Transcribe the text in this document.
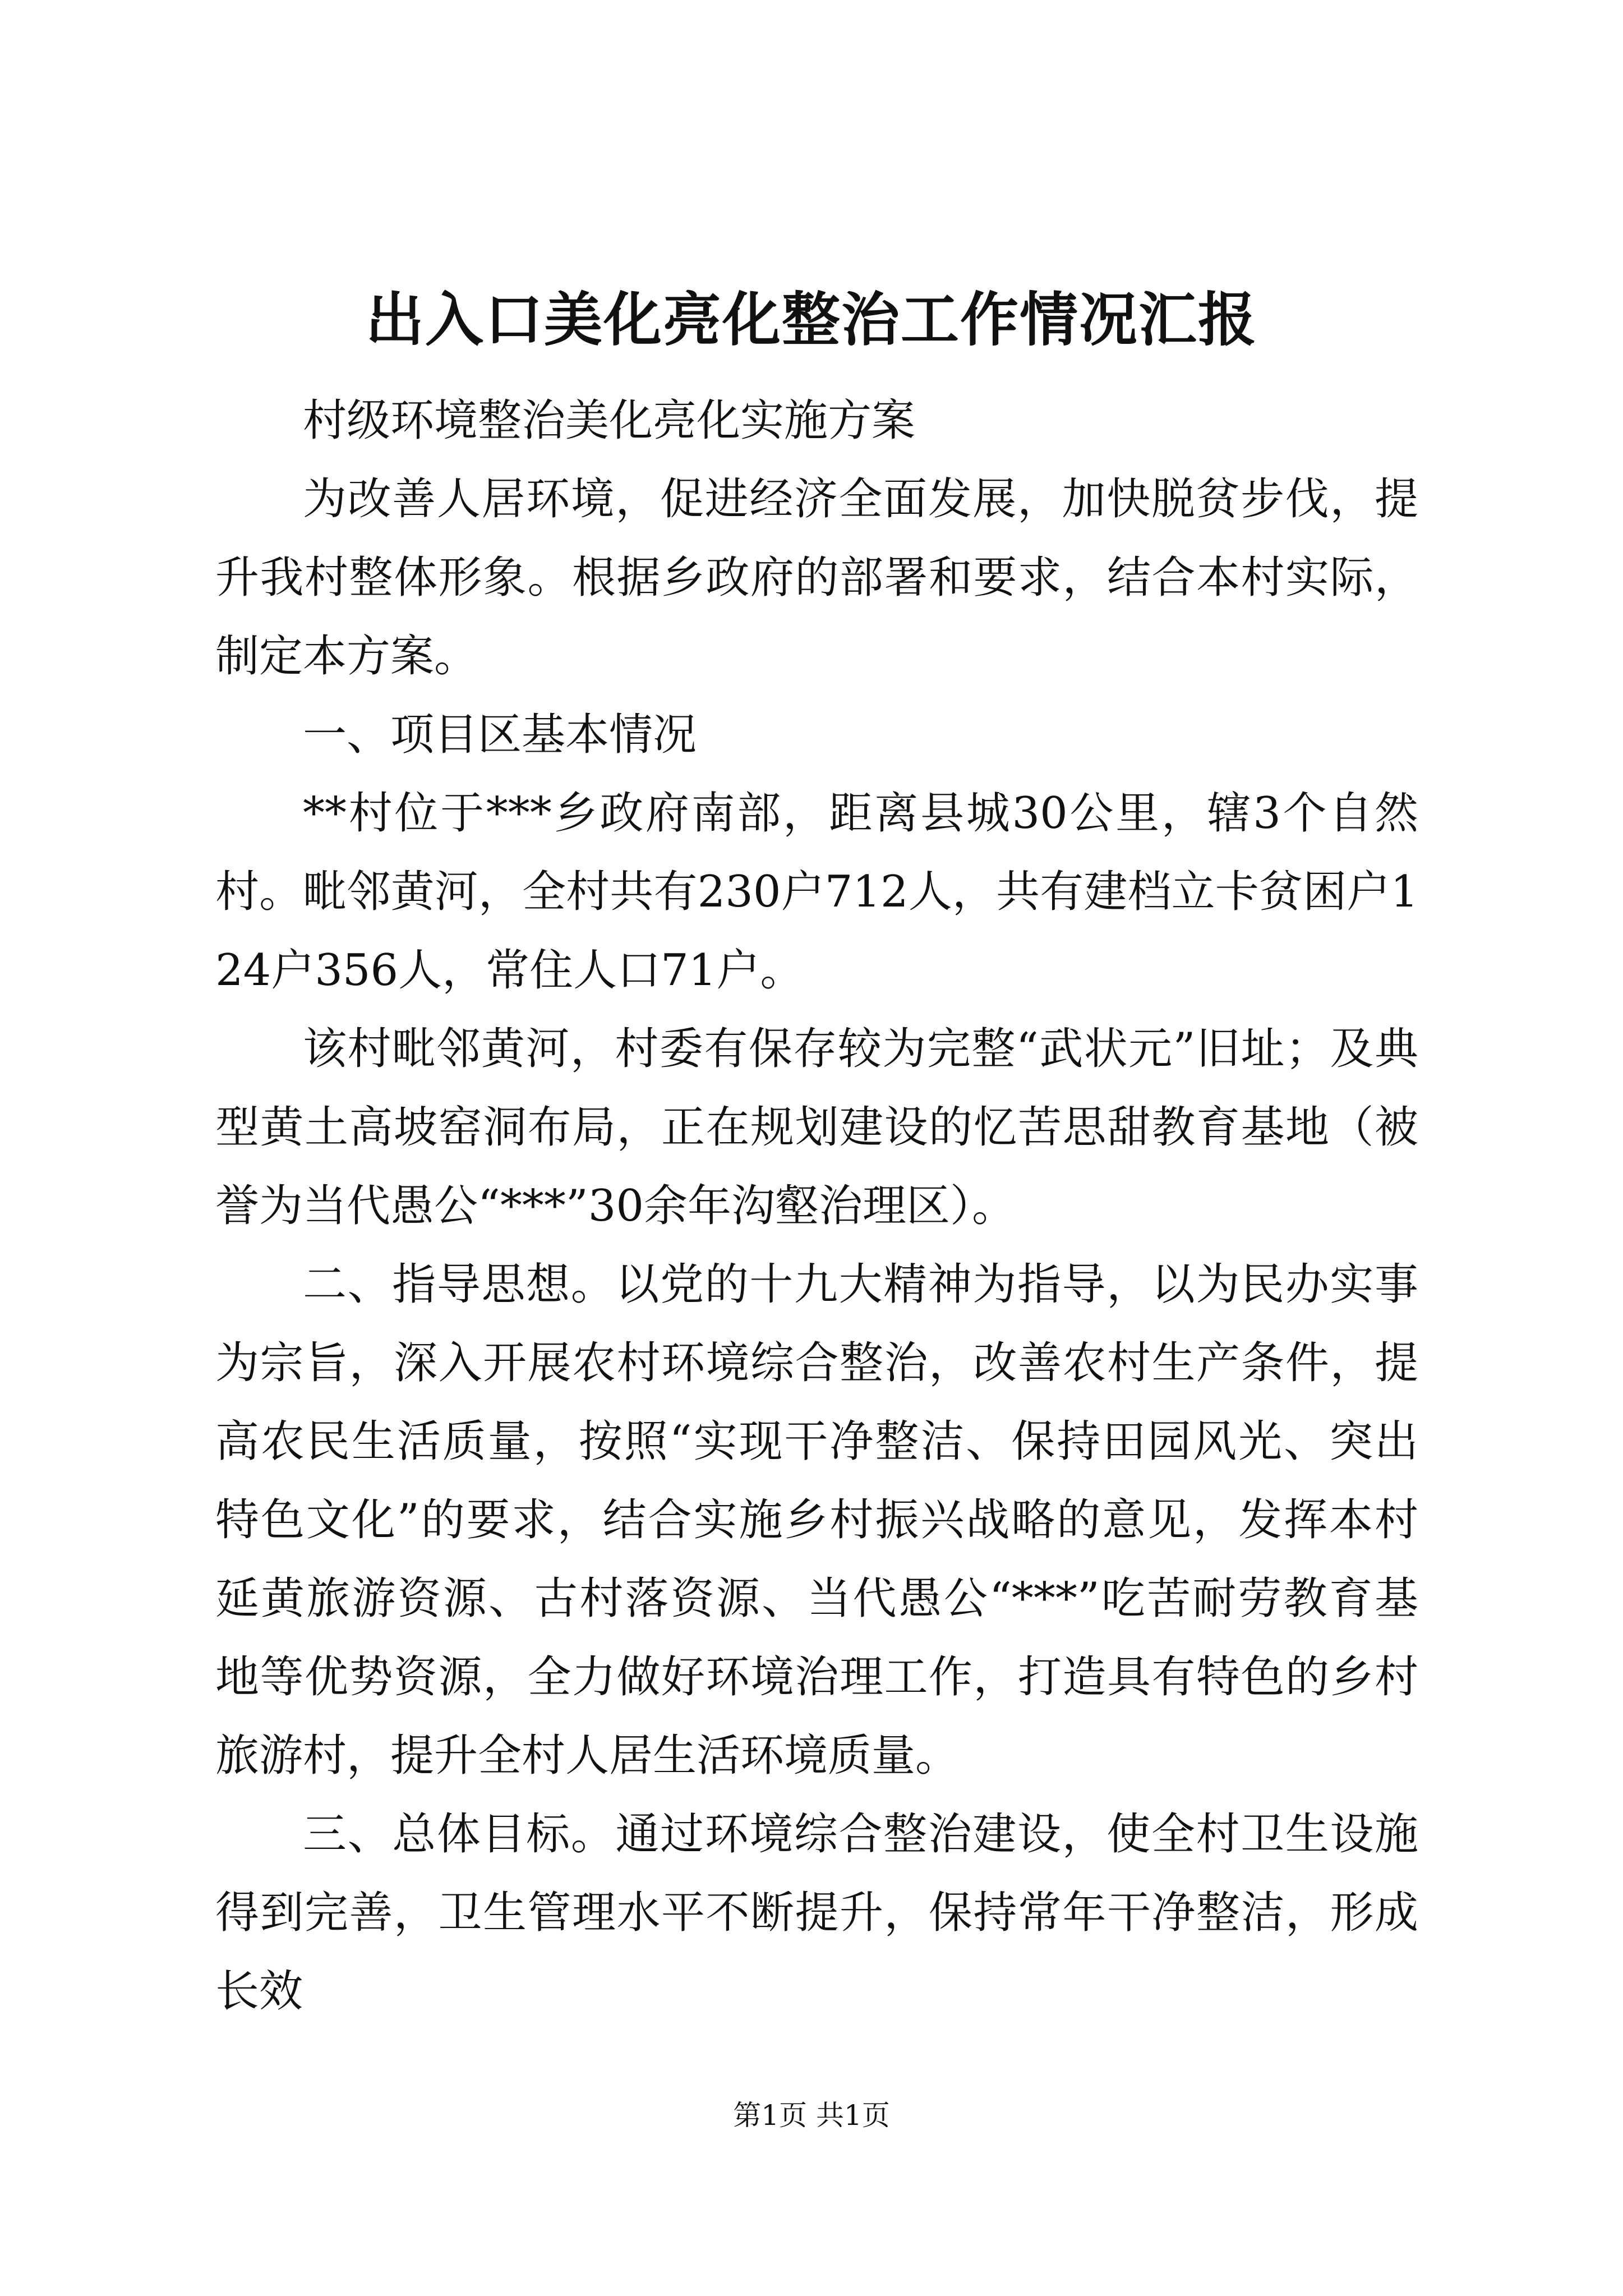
出入口美化亮化整治工作情况汇报

村级环境整治美化亮化实施方案

为改善人居环境，促进经济全面发展，加快脱贫步伐，提升我村整体形象。根据乡政府的部署和要求，结合本村实际，制定本方案。

一、项目区基本情况

**村位于***乡政府南部，距离县城30公里，辖3个自然村。毗邻黄河，全村共有230户712人，共有建档立卡贫困户124户356人，常住人口71户。

该村毗邻黄河，村委有保存较为完整“武状元”旧址；及典型黄土高坡窑洞布局，正在规划建设的忆苦思甜教育基地（被誉为当代愚公“***”30余年沟壑治理区）。

二、指导思想。以党的十九大精神为指导，以为民办实事为宗旨，深入开展农村环境综合整治，改善农村生产条件，提高农民生活质量，按照“实现干净整洁、保持田园风光、突出特色文化”的要求，结合实施乡村振兴战略的意见，发挥本村延黄旅游资源、古村落资源、当代愚公“***”吃苦耐劳教育基地等优势资源，全力做好环境治理工作，打造具有特色的乡村旅游村，提升全村人居生活环境质量。

三、总体目标。通过环境综合整治建设，使全村卫生设施得到完善，卫生管理水平不断提升，保持常年干净整洁，形成长效

第1页 共1页
